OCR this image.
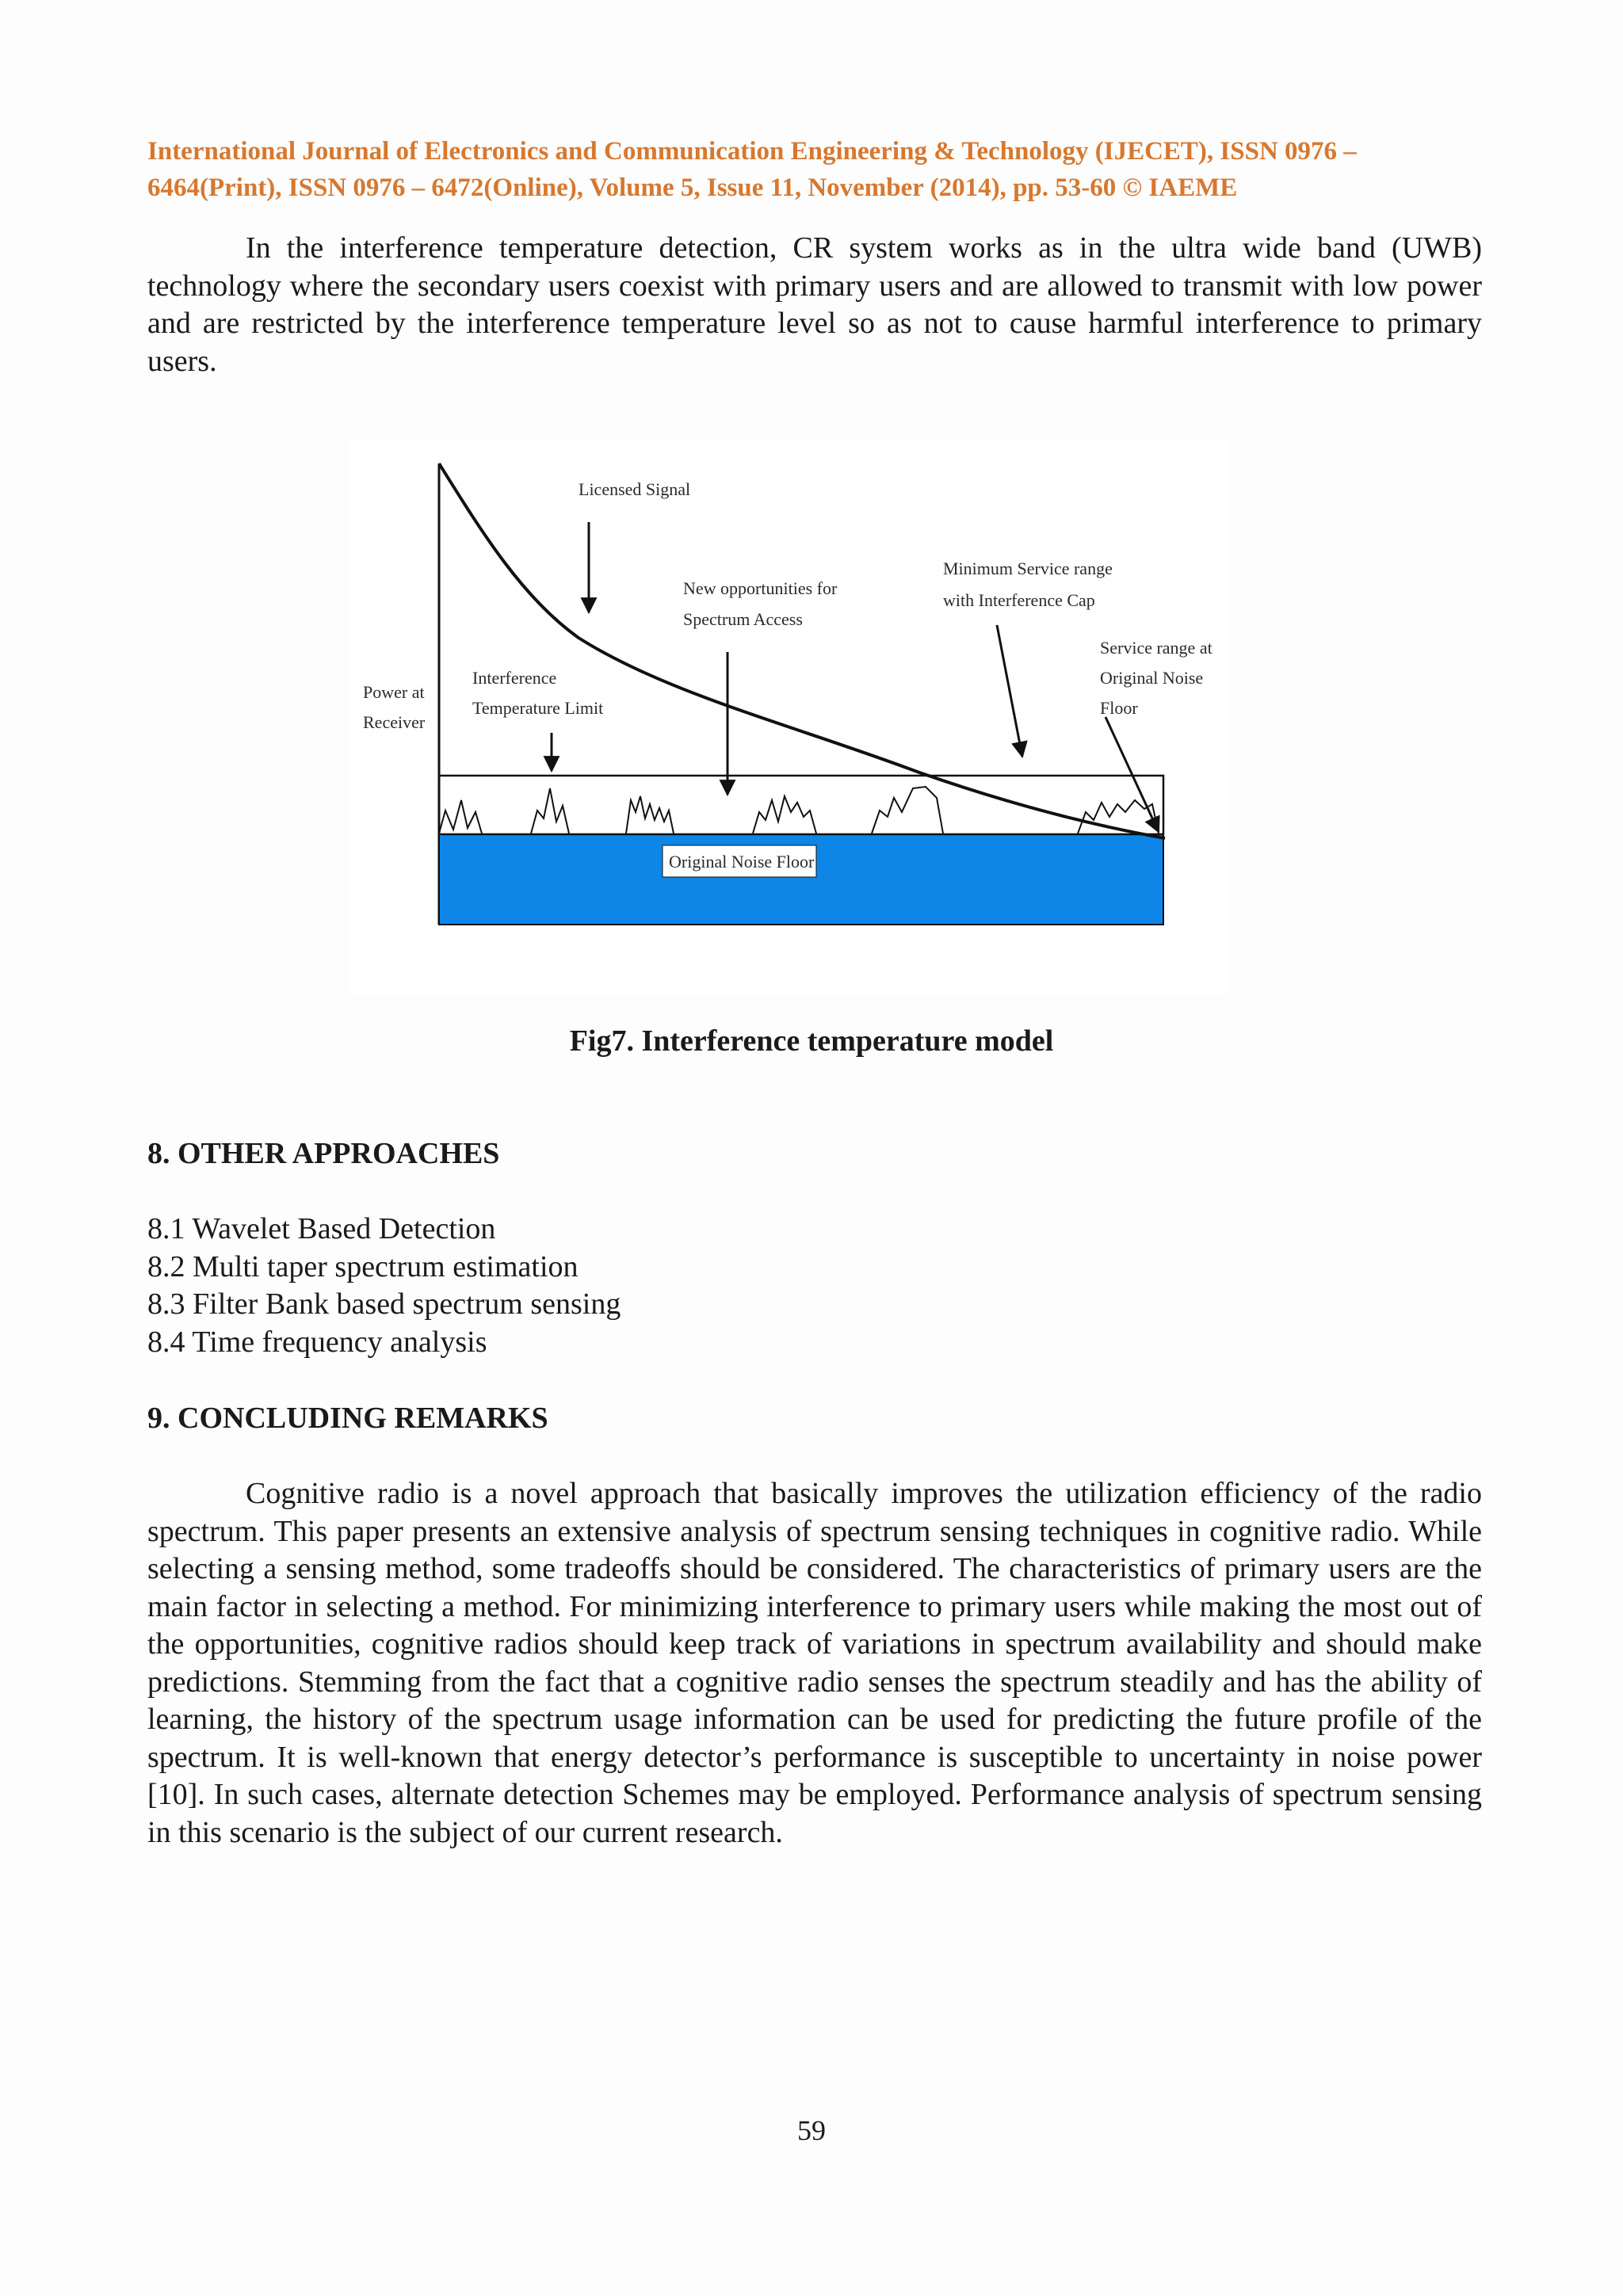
International Journal of Electronics and Communication Engineering & Technology (IJECET), ISSN 0976 –
6464(Print), ISSN 0976 – 6472(Online), Volume 5, Issue 11, November (2014), pp. 53-60 © IAEME
In the interference temperature detection, CR system works as in the ultra wide band (UWB) technology where the secondary users coexist with primary users and are allowed to transmit with low power and are restricted by the interference temperature level so as not to cause harmful interference to primary users.
Licensed Signal
New opportunities for
Spectrum Access
Minimum Service range
with Interference Cap
Service range at
Original Noise
Floor
Power at
Receiver
Interference
Temperature Limit
Original Noise Floor
Fig7. Interference temperature model
8. OTHER APPROACHES
8.1 Wavelet Based Detection
8.2 Multi taper spectrum estimation
8.3 Filter Bank based spectrum sensing
8.4 Time frequency analysis
9. CONCLUDING REMARKS
Cognitive radio is a novel approach that basically improves the utilization efficiency of the radio spectrum. This paper presents an extensive analysis of spectrum sensing techniques in cognitive radio. While selecting a sensing method, some tradeoffs should be considered. The characteristics of primary users are the main factor in selecting a method. For minimizing interference to primary users while making the most out of the opportunities, cognitive radios should keep track of variations in spectrum availability and should make predictions. Stemming from the fact that a cognitive radio senses the spectrum steadily and has the ability of learning, the history of the spectrum usage information can be used for predicting the future profile of the spectrum. It is well-known that energy detector’s performance is susceptible to uncertainty in noise power [10]. In such cases, alternate detection Schemes may be employed. Performance analysis of spectrum sensing in this scenario is the subject of our current research.
59
